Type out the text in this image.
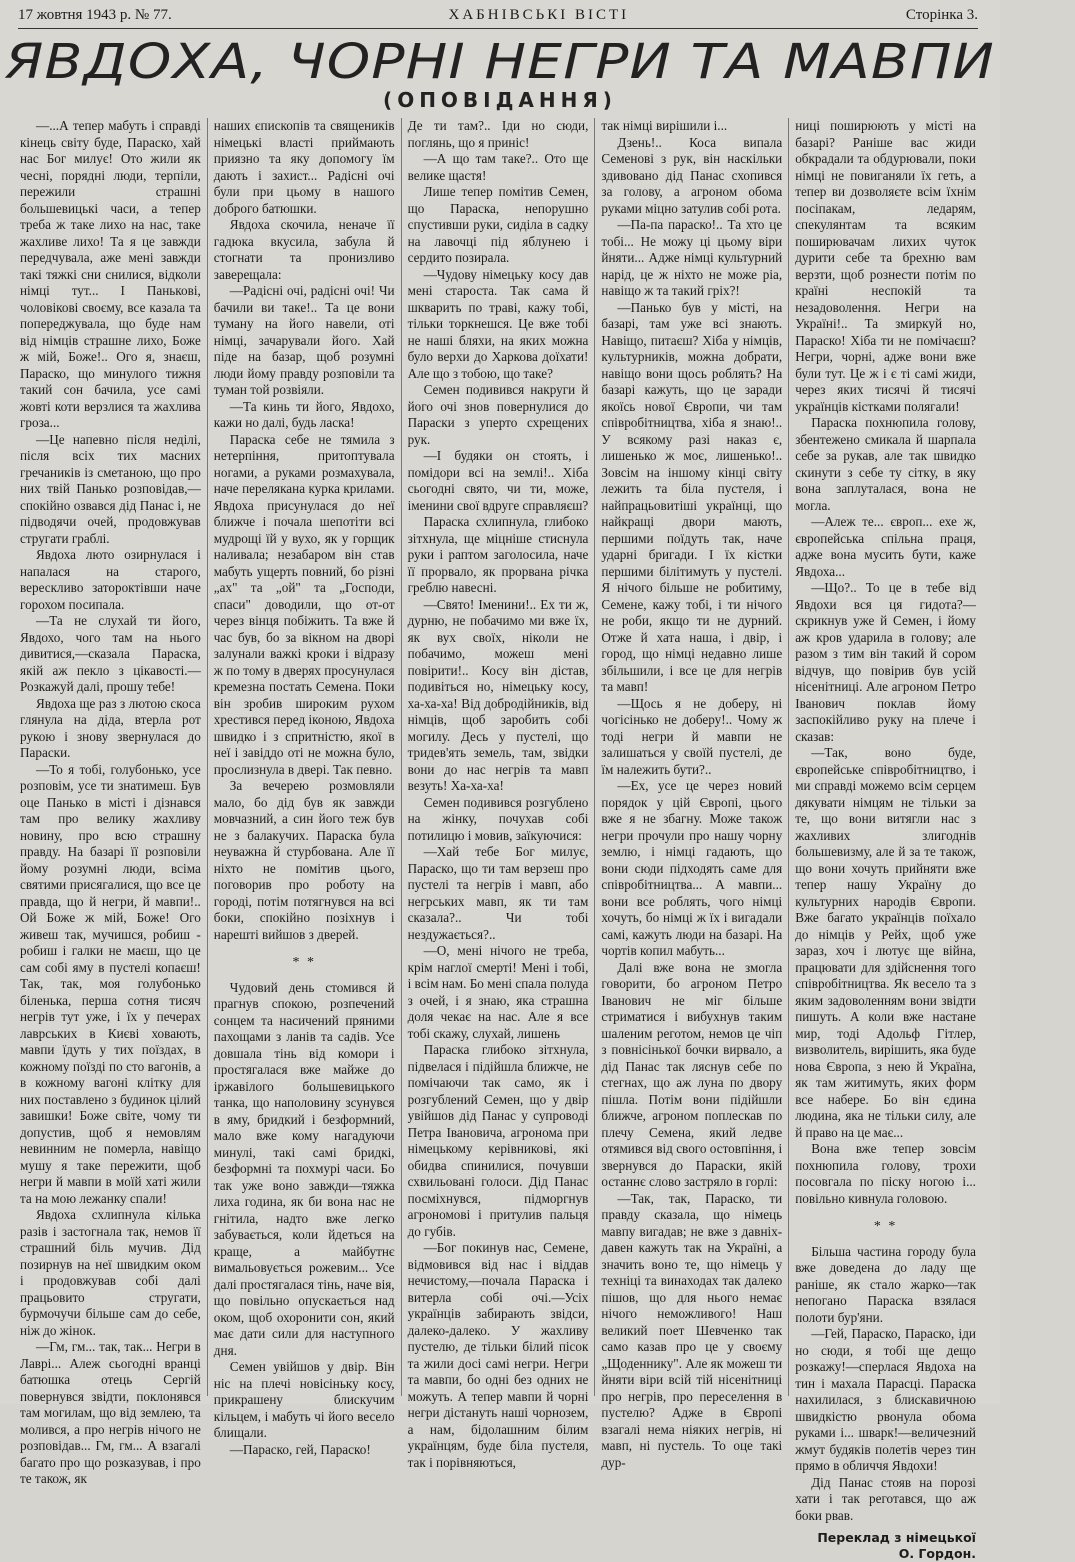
17 жовтня 1943 р. № 77.	ХАБНІВСЬКІ ВІСТІ	Сторінка 3.
ЯВДОХА, ЧОРНІ НЕГРИ ТА МАВПИ
(ОПОВІДАННЯ)

—...А тепер мабуть і справді кінець світу буде, Параско, хай нас Бог милує! Ото жили як чесні, порядні люди, терпіли, пережили страшні большевицькі часи, а тепер треба ж таке лихо на нас, таке жахливе лихо! Та я це завжди передчувала, аже мені завжди такі тяжкі сни снилися, відколи німці тут... І Панькові, чоловікові своєму, все казала та попереджувала, що буде нам від німців страшне лихо, Боже ж мій, Боже!.. Ого я, знаєш, Параско, що минулого тижня такий сон бачила, усе самі жовті коти верзлися та жахлива гроза...

—Це напевно після неділі, після всіх тих масних гречаників із сметаною, що про них твій Панько розповідав,—спокійно озвався дід Панас і, не підводячи очей, продовжував стругати граблі.

Явдоха люто озирнулася і напалася на старого, верескливо затороктівши наче горохом посипала.

—Та не слухай ти його, Явдохо, чого там на нього дивитися,—сказала Параска, якій аж пекло з цікавості.—Розкажуй далі, прошу тебе!

Явдоха ще раз з лютою скоса глянула на діда, втерла рот рукою і знову звернулася до Параски.

—То я тобі, голубонько, усе розповім, усе ти знатимеш. Був оце Панько в місті і дізнався там про велику жахливу новину, про всю страшну правду. На базарі її розповіли йому розумні люди, всіма святими присягалися, що все це правда, що й негри, й мавпи!.. Ой Боже ж мій, Боже! Ого живеш так, мучишся, робиш - робиш і галки не маєш, що це сам собі яму в пустелі копаєш! Так, так, моя голубонько біленька, перша сотня тисяч негрів тут уже, і їх у печерах лаврських в Києві ховають, мавпи їдуть у тих поїздах, в кожному поїзді по сто вагонів, а в кожному вагоні клітку для них поставлено з будинок цілий завишки! Боже світе, чому ти допустив, щоб я немовлям невинним не померла, навіщо мушу я таке пережити, щоб негри й мавпи в моїй хаті жили та на мою лежанку спали!

Явдоха схлипнула кілька разів і застогнала так, немов її страшний біль мучив. Дід позирнув на неї швидким оком і продовжував собі далі працьовито стругати, бурмочучи більше сам до себе, ніж до жінок.

—Гм, гм... так, так... Негри в Лаврі... Алеж сьогодні вранці батюшка отець Сергій повернувся звідти, поклонявся там могилам, що від землею, та молився, а про негрів нічого не розповідав... Гм, гм... А взагалі багато про що розказував, і про те також, як

наших єпископів та священиків німецькі власті приймають приязно та яку допомогу їм дають і захист... Радісні очі були при цьому в нашого доброго батюшки.

Явдоха скочила, неначе її гадюка вкусила, забула й стогнати та пронизливо заверещала:

—Радісні очі, радісні очі! Чи бачили ви таке!.. Та це вони туману на його навели, оті німці, зачарували його. Хай піде на базар, щоб розумні люди йому правду розповіли та туман той розвіяли.

—Та кинь ти його, Явдохо, кажи но далі, будь ласка!

Параска себе не тямила з нетерпіння, притоптувала ногами, а руками розмахувала, наче переляканa курка крилами. Явдоха присунулася до неї ближче і почала шепотіти всі мудрощі їй у вухо, як у горщик наливала; незабаром він став мабуть ущерть повний, бо різні „ах" та „ой" та „Господи, спаси" доводили, що от-от через вінця побіжить. Та вже й час був, бо за вікном на дворі залунали важкі кроки і відразу ж по тому в дверях просунулася кремезна постать Семена. Поки він зробив широким рухом хрестився перед іконою, Явдоха швидко і з спритністю, якої в неї і завіддо оті не можна було, прослизнула в двері. Так певно.

За вечерею розмовляли мало, бо дід був як завжди мовчазний, а син його теж був не з балакучих. Параска була неуважна й стурбована. Але її ніхто не помітив цього, поговорив про роботу на городі, потім потягнувся на всі боки, спокійно позіхнув і нарешті вийшов з дверей.

* *

Чудовий день стомився й прагнув спокою, розпечений сонцем та насичений пряними пахощами з ланів та садів. Усе довшала тінь від комори і простягалася вже майже до іржавілого большевицького танка, що наполовину зсунувся в яму, бридкий і безформний, мало вже кому нагадуючи минулі, такі самі бридкі, безформні та похмурі часи. Бо так уже воно завжди—тяжка лиха година, як би вона нас не гнітила, надто вже легко забувається, коли йдеться на краще, а майбутнє вимальовується рожевим... Усе далі простягалася тінь, наче вія, що повільно опускається над оком, щоб охоронити сон, який має дати сили для наступного дня.

Семен увійшов у двір. Він ніс на плечі новісіньку косу, прикрашену блискучим кільцем, і мабуть чі його весело блищали.

—Параско, гей, Параско!

Де ти там?.. Іди но сюди, поглянь, що я приніс!

—А що там таке?.. Ото ще велике щастя!

Лише тепер помітив Семен, що Параска, непорушно спустивши руки, сиділа в садку на лавочці під яблунею і сердито позирала.

—Чудову німецьку косу дав мені староста. Так сама й шкварить по траві, кажу тобі, тільки торкнешся. Це вже тобі не наші бляхи, на яких можна було верхи до Харкова доїхати! Але що з тобою, що таке?

Семен подивився накруги й його очі знов повернулися до Параски з уперто схрещених рук.

—І будяки он стоять, і помідори всі на землі!.. Хіба сьогодні свято, чи ти, може, іменини свої вдруге справляєш?

Параска схлипнула, глибоко зітхнула, ще міцніше стиснула руки і раптом заголосила, наче її прорвало, як прорвана річка греблю навесні.

—Свято! Іменини!.. Ех ти ж, дурню, не побачимо ми вже їх, як вух своїх, ніколи не побачимо, можеш мені повірити!.. Косу він дістав, подивіться но, німецьку косу, ха-ха-ха! Від добродійників, від німців, щоб заробить собі могилу. Десь у пустелі, що тридев'ять земель, там, звідки вони до нас негрів та мавп везуть! Ха-ха-ха!

Семен подивився розгублено на жінку, почухав собі потилицю і мовив, заїкуючися:

—Хай тебе Бог милує, Параско, що ти там верзеш про пустелі та негрів і мавп, або негрських мавп, як ти там сказала?.. Чи тобі нездужається?..

—О, мені нічого не треба, крім наглої смерті! Мені і тобі, і всім нам. Бо мені спала полуда з очей, і я знаю, яка страшна доля чекає на нас. Але я все тобі скажу, слухай, лишень

Параска глибоко зітхнула, підвелася і підійшла ближче, не помічаючи так само, як і розгублений Семен, що у двір увійшов дід Панас у супроводі Петра Івановича, агронома при німецькому керівникові, які обидва спинилися, почувши схвильовані голоси. Дід Панас посміхнувся, підморгнув агрономові і притулив пальця до губів.

—Бог покинув нас, Семене, відмовився від нас і віддав нечистому,—почала Параска і витерла собі очі.—Усіх українців забирають звідси, далеко-далеко. У жахливу пустелю, де тільки білий пісок та жили досі самі негри. Негри та мавпи, бо одні без одних не можуть. А тепер мавпи й чорні негри дістануть наші чорнозем, а нам, бідолашним білим українцям, буде біла пустеля, так і порівняються,

так німці вирішили і...

Дзень!.. Коса випала Семенові з рук, він наскільки здивовано дід Панас схопився за голову, а агроном обома руками міцно затулив собі рота.

—Па-па параско!.. Та хто це тобі... Не можу ці цьому віри йняти... Адже німці культурний нарід, це ж ніхто не може ріа, навіщо ж та такий гріх?!

—Панько був у місті, на базарі, там уже всі знають. Навіщо, питаєш? Хіба у німців, культурників, можна добрати, навіщо вони щось роблять? На базарі кажуть, що це заради якоїсь нової Європи, чи там співробітництва, хіба я знаю!.. У всякому разі наказ є, лишенько ж моє, лишенько!.. Зовсім на іншому кінці світу лежить та біла пустеля, і найпрацьовитіші українці, що найкращі двори мають, першими поїдуть так, наче ударні бригади. І їх кістки першими білітимуть у пустелі. Я нічого більше не робитиму, Семене, кажу тобі, і ти нічого не роби, якщо ти не дурний. Отже й хата наша, і двір, і город, що німці недавно лише збільшили, і все це для негрів та мавп!

—Щось я не доберу, ні чогісінько не доберу!.. Чому ж тоді негри й мавпи не залишаться у своїй пустелі, де їм належить бути?..

—Ех, усе це через новий порядок у цій Європі, цього вже я не збагну. Може також негри прочули про нашу чорну землю, і німці гадають, що вони сюди підходять саме для співробітництва... А мавпи... вони все роблять, чого німці хочуть, бо німці ж їх і вигадали самі, кажуть люди на базарі. На чортів копил мабуть...

Далі вже вона не змогла говорити, бо агроном Петро Іванович не міг більше стриматися і вибухнув таким шаленим реготом, немов це чіп з повнісінької бочки вирвало, а дід Панас так ляснув себе по стегнах, що аж луна по двору пішла. Потім вони підійшли ближче, агроном поплескав по плечу Семена, який ледве отямився від свого остовпіння, і звернувся до Параски, якій останнє слово застряло в горлі:

—Так, так, Параско, ти правду сказала, що німець мавпу вигадав; не вже з давніх-давен кажуть так на Україні, а значить воно те, що німець у техніці та винаходах так далеко пішов, що для нього немає нічого неможливого! Наш великий поет Шевченко так само казав про це у своєму „Щоденнику". Але як можеш ти йняти віри всій тій нісенітниці про негрів, про переселення в пустелю? Адже в Європі взагалі нема ніяких негрів, ні мавп, ні пустель. То оце такі дур-

ниці поширюють у місті на базарі? Раніше вас жиди обкрадали та обдурювали, поки німці не повиганяли їх геть, а тепер ви дозволяєте всім їхнім посіпакам, ледарям, спекулянтам та всяким поширювачам лихих чуток дурити себе та брехню вам верзти, щоб рознести потім по країні неспокій та незадоволення. Негри на Україні!.. Та змиркуй но, Параско! Хіба ти не помічаєш? Негри, чорні, адже вони вже були тут. Це ж і є ті самі жиди, через яких тисячі й тисячі українців кістками полягали!

Параска похнюпила голову, збентежено смикала й шарпала себе за рукав, але так швидко скинути з себе ту сітку, в яку вона заплуталася, вона не могла.

—Алеж те... європ... ехе ж, європейська спільна праця, адже вона мусить бути, каже Явдоха...

—Що?.. То це в тебе від Явдохи вся ця гидота?—скрикнув уже й Семен, і йому аж кров ударила в голову; але разом з тим він такий й сором відчув, що повірив був усій нісенітниці. Але агроном Петро Іванович поклав йому заспокійливо руку на плече і сказав:

—Так, воно буде, європейське співробітництво, і ми справді можемо всім серцем дякувати німцям не тільки за те, що вони витягли нас з жахливих злигоднів большевизму, але й за те також, що вони хочуть прийняти вже тепер нашу Україну до культурних народів Європи. Вже багато українців поїхало до німців у Рейх, щоб уже зараз, хоч і лютує ще війна, працювати для здійснення того співробітництва. Як весело та з яким задоволенням вони звідти пишуть. А коли вже настане мир, тоді Адольф Гітлер, визволитель, вирішить, яка буде нова Європа, з нею й Україна, як там житимуть, яких форм все набере. Бо він єдина людина, яка не тільки силу, але й право на це має...

Вона вже тепер зовсім похнюпила голову, трохи посовгала по піску ногою і... повільно кивнула головою.

* *

Більша частина городу була вже доведена до ладу ще раніше, як стало жарко—так непогано Параска взялася полоти бур'яни.

—Гей, Параско, Параско, іди но сюди, я тобі ще дещо розкажу!—сперлася Явдоха на тин і махала Парасці. Параска нахилилася, з блискавичною швидкістю рвонула обома руками і... шварк!—величезний жмут будяків полетів через тин прямо в обличчя Явдохи!

Дід Панас стояв на порозі хати і так реготався, що аж боки рвав.

Переклад з німецької
О. Гордон.
